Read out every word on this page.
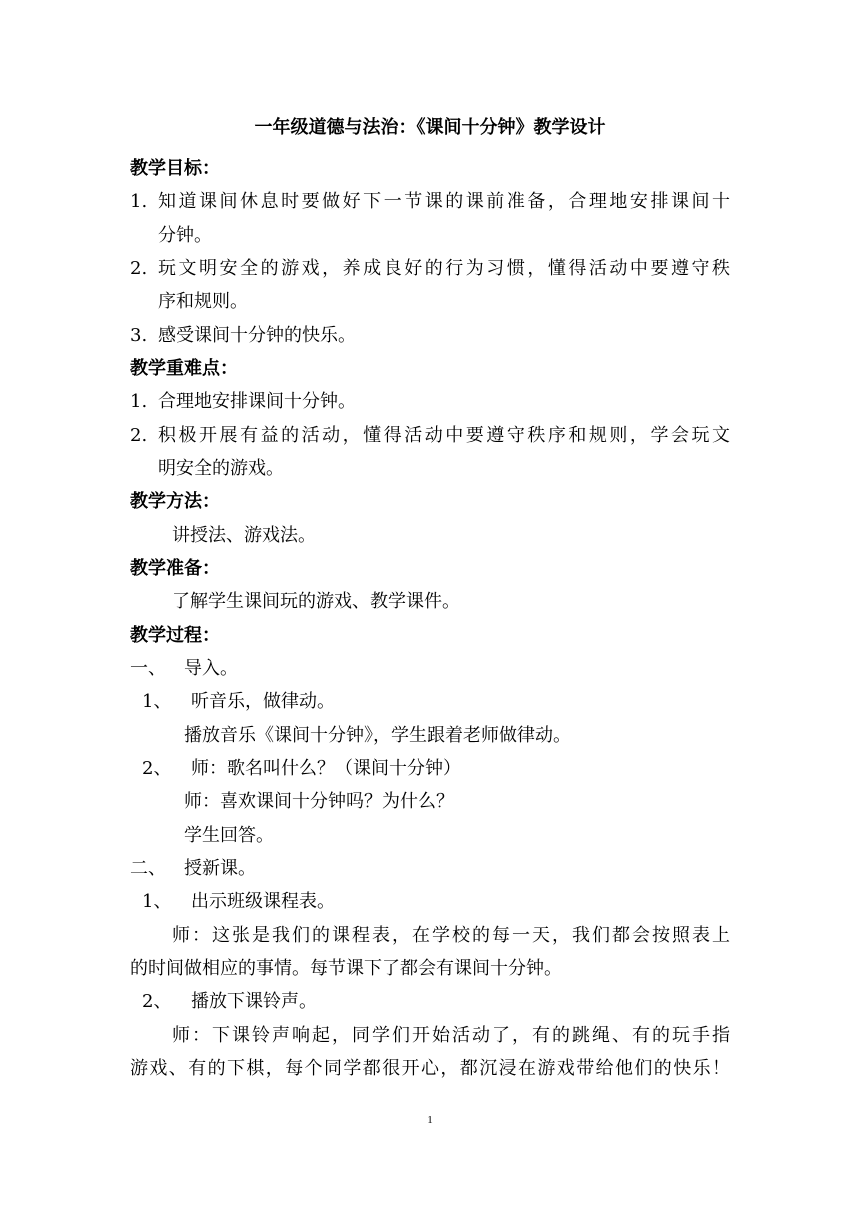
一年级道德与法治：《课间十分钟》教学设计
教学目标：
1. 知道课间休息时要做好下一节课的课前准备，合理地安排课间十
分钟。
2. 玩文明安全的游戏，养成良好的行为习惯，懂得活动中要遵守秩
序和规则。
3. 感受课间十分钟的快乐。
教学重难点：
1. 合理地安排课间十分钟。
2. 积极开展有益的活动，懂得活动中要遵守秩序和规则，学会玩文
明安全的游戏。
教学方法：
讲授法、游戏法。
教学准备：
了解学生课间玩的游戏、教学课件。
教学过程：
一、 导入。
1、 听音乐，做律动。
播放音乐《课间十分钟》，学生跟着老师做律动。
2、 师：歌名叫什么？（课间十分钟）
师：喜欢课间十分钟吗？为什么？
学生回答。
二、 授新课。
1、 出示班级课程表。
师：这张是我们的课程表，在学校的每一天，我们都会按照表上
的时间做相应的事情。每节课下了都会有课间十分钟。
2、 播放下课铃声。
师：下课铃声响起，同学们开始活动了，有的跳绳、有的玩手指
游戏、有的下棋，每个同学都很开心，都沉浸在游戏带给他们的快乐！
1
